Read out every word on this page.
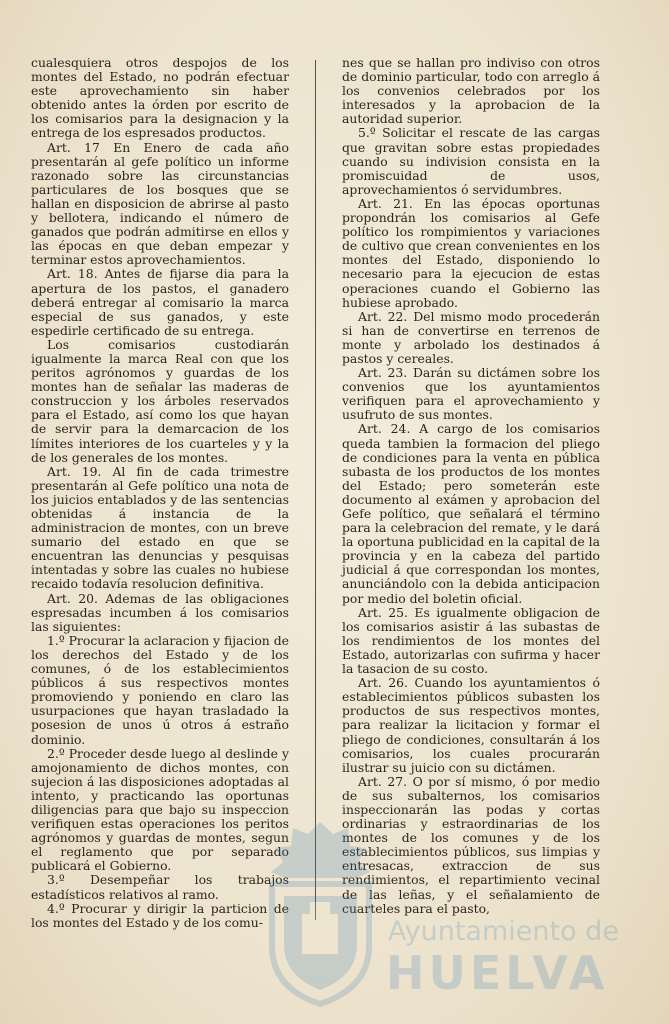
cualesquiera otros despojos de los montes del Estado, no podrán efectuar este aprovechamiento sin haber obtenido antes la órden por escrito de los comisarios para la designacion y la entrega de los espresados productos.

Art. 17 En Enero de cada año presentarán al gefe político un informe razonado sobre las circunstancias particulares de los bosques que se hallan en disposicion de abrirse al pasto y bellotera, indicando el número de ganados que podrán admitirse en ellos y las épocas en que deban empezar y terminar estos aprovechamientos.

Art. 18. Antes de fijarse dia para la apertura de los pastos, el ganadero deberá entregar al comisario la marca especial de sus ganados, y este espedirle certificado de su entrega.

Los comisarios custodiarán igualmente la marca Real con que los peritos agrónomos y guardas de los montes han de señalar las maderas de construccion y los árboles reservados para el Estado, así como los que hayan de servir para la demarcacion de los límites interiores de los cuarteles y y la de los generales de los montes.

Art. 19. Al fin de cada trimestre presentarán al Gefe político una nota de los juicios entablados y de las sentencias obtenidas á instancia de la administracion de montes, con un breve sumario del estado en que se encuentran las denuncias y pesquisas intentadas y sobre las cuales no hubiese recaido todavía resolucion definitiva.

Art. 20. Ademas de las obligaciones espresadas incumben á los comisarios las siguientes:

1.º Procurar la aclaracion y fijacion de los derechos del Estado y de los comunes, ó de los establecimientos públicos á sus respectivos montes promoviendo y poniendo en claro las usurpaciones que hayan trasladado la posesion de unos ú otros á estraño dominio.

2.º Proceder desde luego al deslinde y amojonamiento de dichos montes, con sujecion á las disposiciones adoptadas al intento, y practicando las oportunas diligencias para que bajo su inspeccion verifiquen estas operaciones los peritos agrónomos y guardas de montes, segun el reglamento que por separado publicará el Gobierno.

3.º Desempeñar los trabajos estadísticos relativos al ramo.

4.º Procurar y dirigir la particion de los montes del Estado y de los comu-

nes que se hallan pro indiviso con otros de dominio particular, todo con arreglo á los convenios celebrados por los interesados y la aprobacion de la autoridad superior.

5.º Solicitar el rescate de las cargas que gravitan sobre estas propiedades cuando su indivision consista en la promiscuidad de usos, aprovechamientos ó servidumbres.

Art. 21. En las épocas oportunas propondrán los comisarios al Gefe político los rompimientos y variaciones de cultivo que crean convenientes en los montes del Estado, disponiendo lo necesario para la ejecucion de estas operaciones cuando el Gobierno las hubiese aprobado.

Art. 22. Del mismo modo procederán si han de convertirse en terrenos de monte y arbolado los destinados á pastos y cereales.

Art. 23. Darán su dictámen sobre los convenios que los ayuntamientos verifiquen para el aprovechamiento y usufruto de sus montes.

Art. 24. A cargo de los comisarios queda tambien la formacion del pliego de condiciones para la venta en pública subasta de los productos de los montes del Estado; pero someterán este documento al exámen y aprobacion del Gefe político, que señalará el término para la celebracion del remate, y le dará la oportuna publicidad en la capital de la provincia y en la cabeza del partido judicial á que correspondan los montes, anunciándolo con la debida anticipacion por medio del boletin oficial.

Art. 25. Es igualmente obligacion de los comisarios asistir á las subastas de los rendimientos de los montes del Estado, autorizarlas con sufirma y hacer la tasacion de su costo.

Art. 26. Cuando los ayuntamientos ó establecimientos públicos subasten los productos de sus respectivos montes, para realizar la licitacion y formar el pliego de condiciones, consultarán á los comisarios, los cuales procurarán ilustrar su juicio con su dictámen.

Art. 27. O por sí mismo, ó por medio de sus subalternos, los comisarios inspeccionarán las podas y cortas ordinarias y estraordinarias de los montes de los comunes y de los establecimientos públicos, sus limpias y entresacas, extraccion de sus rendimientos, el repartimiento vecinal de las leñas, y el señalamiento de cuarteles para el pasto,

Ayuntamiento de
HUELVA
